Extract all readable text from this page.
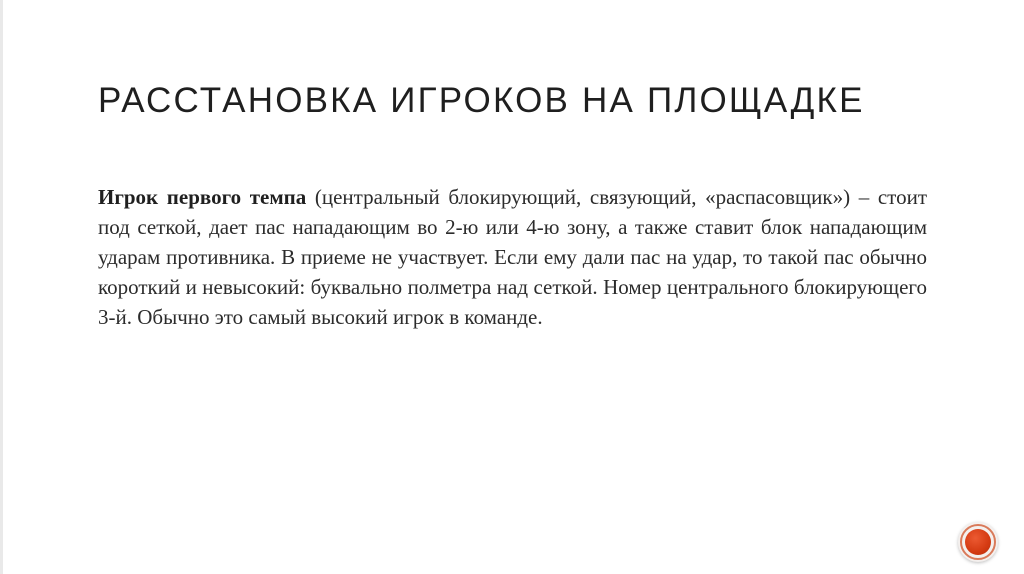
РАССТАНОВКА ИГРОКОВ НА ПЛОЩАДКЕ

Игрок первого темпа (центральный блокирующий, связующий, «распасовщик») – стоит под сеткой, дает пас нападающим во 2-ю или 4-ю зону, а также ставит блок нападающим ударам противника. В приеме не участвует. Если ему дали пас на удар, то такой пас обычно короткий и невысокий: буквально полметра над сеткой. Номер центрального блокирующего 3-й. Обычно это самый высокий игрок в команде.
